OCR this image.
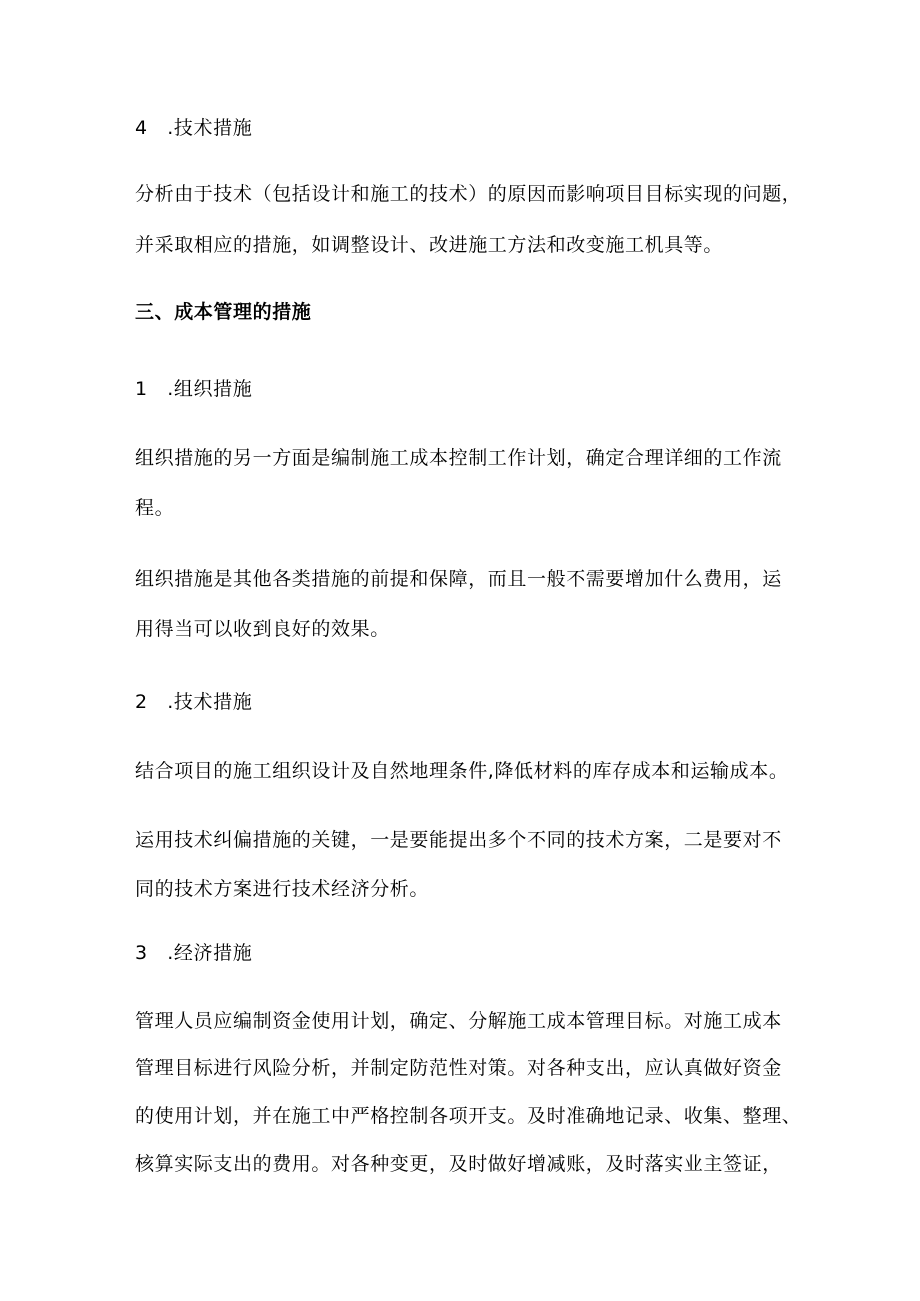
4　.技术措施
分析由于技术（包括设计和施工的技术）的原因而影响项目目标实现的问题，
并采取相应的措施，如调整设计、改进施工方法和改变施工机具等。
三、成本管理的措施
1　.组织措施
组织措施的另一方面是编制施工成本控制工作计划，确定合理详细的工作流
程。
组织措施是其他各类措施的前提和保障，而且一般不需要增加什么费用，运
用得当可以收到良好的效果。
2　.技术措施
结合项目的施工组织设计及自然地理条件,降低材料的库存成本和运输成本。
运用技术纠偏措施的关键，一是要能提出多个不同的技术方案，二是要对不
同的技术方案进行技术经济分析。
3　.经济措施
管理人员应编制资金使用计划，确定、分解施工成本管理目标。对施工成本
管理目标进行风险分析，并制定防范性对策。对各种支出，应认真做好资金
的使用计划，并在施工中严格控制各项开支。及时准确地记录、收集、整理、
核算实际支出的费用。对各种变更，及时做好增减账，及时落实业主签证，
